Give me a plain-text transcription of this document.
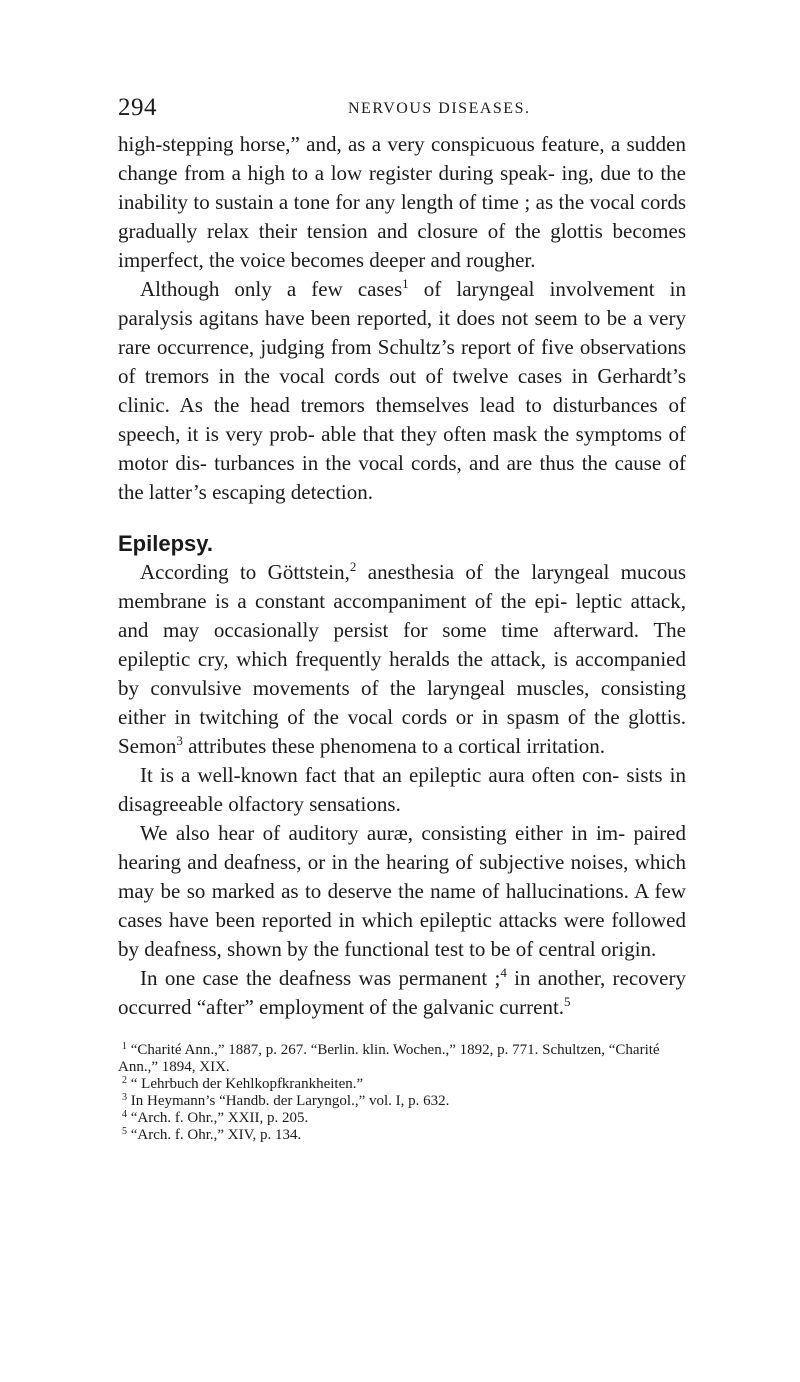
294	NERVOUS DISEASES.

high-stepping horse,” and, as a very conspicuous feature, a sudden change from a high to a low register during speak- ing, due to the inability to sustain a tone for any length of time ; as the vocal cords gradually relax their tension and closure of the glottis becomes imperfect, the voice becomes deeper and rougher.

Although only a few cases$^1$ of laryngeal involvement in paralysis agitans have been reported, it does not seem to be a very rare occurrence, judging from Schultz’s report of five observations of tremors in the vocal cords out of twelve cases in Gerhardt’s clinic. As the head tremors themselves lead to disturbances of speech, it is very prob- able that they often mask the symptoms of motor dis- turbances in the vocal cords, and are thus the cause of the latter’s escaping detection.

Epilepsy.

According to Göttstein,$^2$ anesthesia of the laryngeal mucous membrane is a constant accompaniment of the epi- leptic attack, and may occasionally persist for some time afterward. The epileptic cry, which frequently heralds the attack, is accompanied by convulsive movements of the laryngeal muscles, consisting either in twitching of the vocal cords or in spasm of the glottis. Semon$^3$ attributes these phenomena to a cortical irritation.

It is a well-known fact that an epileptic aura often con- sists in disagreeable olfactory sensations.

We also hear of auditory auræ, consisting either in im- paired hearing and deafness, or in the hearing of subjective noises, which may be so marked as to deserve the name of hallucinations. A few cases have been reported in which epileptic attacks were followed by deafness, shown by the functional test to be of central origin.

In one case the deafness was permanent ;$^4$ in another, recovery occurred “after” employment of the galvanic current.$^5$

$^1$ “Charité Ann.,” 1887, p. 267. “Berlin. klin. Wochen.,” 1892, p. 771. Schultzen, “Charité Ann.,” 1894, XIX.

$^2$ “ Lehrbuch der Kehlkopfkrankheiten.”

$^3$ In Heymann’s “Handb. der Laryngol.,” vol. I, p. 632.

$^4$ “Arch. f. Ohr.,” XXII, p. 205.

$^5$ “Arch. f. Ohr.,” XIV, p. 134.
